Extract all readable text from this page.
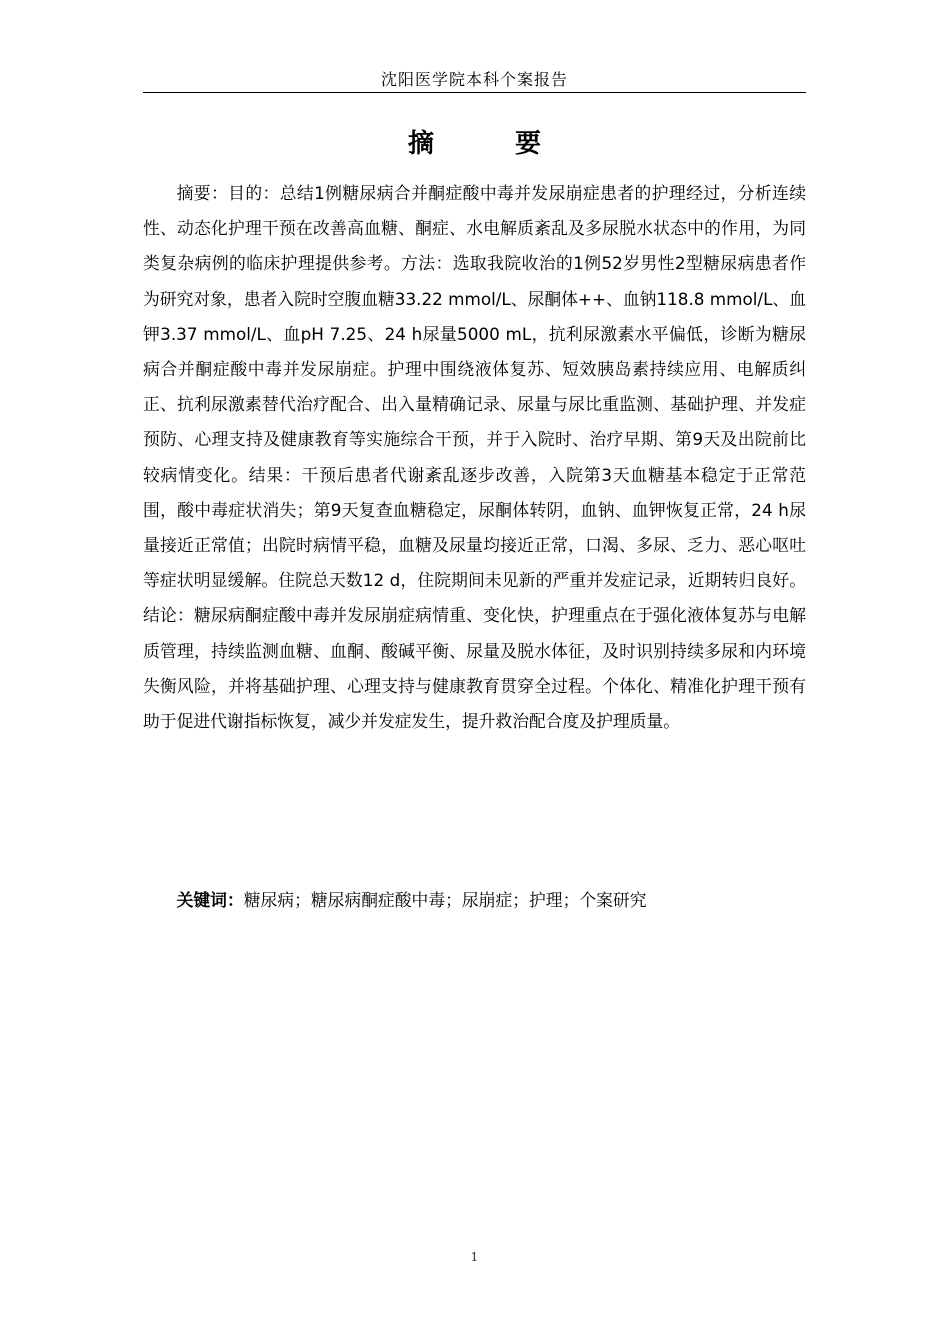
沈阳医学院本科个案报告
摘 要

摘要：目的：总结1例糖尿病合并酮症酸中毒并发尿崩症患者的护理经过，分析连续性、动态化护理干预在改善高血糖、酮症、水电解质紊乱及多尿脱水状态中的作用，为同类复杂病例的临床护理提供参考。方法：选取我院收治的1例52岁男性2型糖尿病患者作为研究对象，患者入院时空腹血糖33.22 mmol/L、尿酮体++、血钠118.8 mmol/L、血钾3.37 mmol/L、血pH 7.25、24 h尿量5000 mL，抗利尿激素水平偏低，诊断为糖尿病合并酮症酸中毒并发尿崩症。护理中围绕液体复苏、短效胰岛素持续应用、电解质纠正、抗利尿激素替代治疗配合、出入量精确记录、尿量与尿比重监测、基础护理、并发症预防、心理支持及健康教育等实施综合干预，并于入院时、治疗早期、第9天及出院前比较病情变化。结果：干预后患者代谢紊乱逐步改善，入院第3天血糖基本稳定于正常范围，酸中毒症状消失；第9天复查血糖稳定，尿酮体转阴，血钠、血钾恢复正常，24 h尿量接近正常值；出院时病情平稳，血糖及尿量均接近正常，口渴、多尿、乏力、恶心呕吐等症状明显缓解。住院总天数12 d，住院期间未见新的严重并发症记录，近期转归良好。结论：糖尿病酮症酸中毒并发尿崩症病情重、变化快，护理重点在于强化液体复苏与电解质管理，持续监测血糖、血酮、酸碱平衡、尿量及脱水体征，及时识别持续多尿和内环境失衡风险，并将基础护理、心理支持与健康教育贯穿全过程。个体化、精准化护理干预有助于促进代谢指标恢复，减少并发症发生，提升救治配合度及护理质量。

关键词：糖尿病；糖尿病酮症酸中毒；尿崩症；护理；个案研究

1
